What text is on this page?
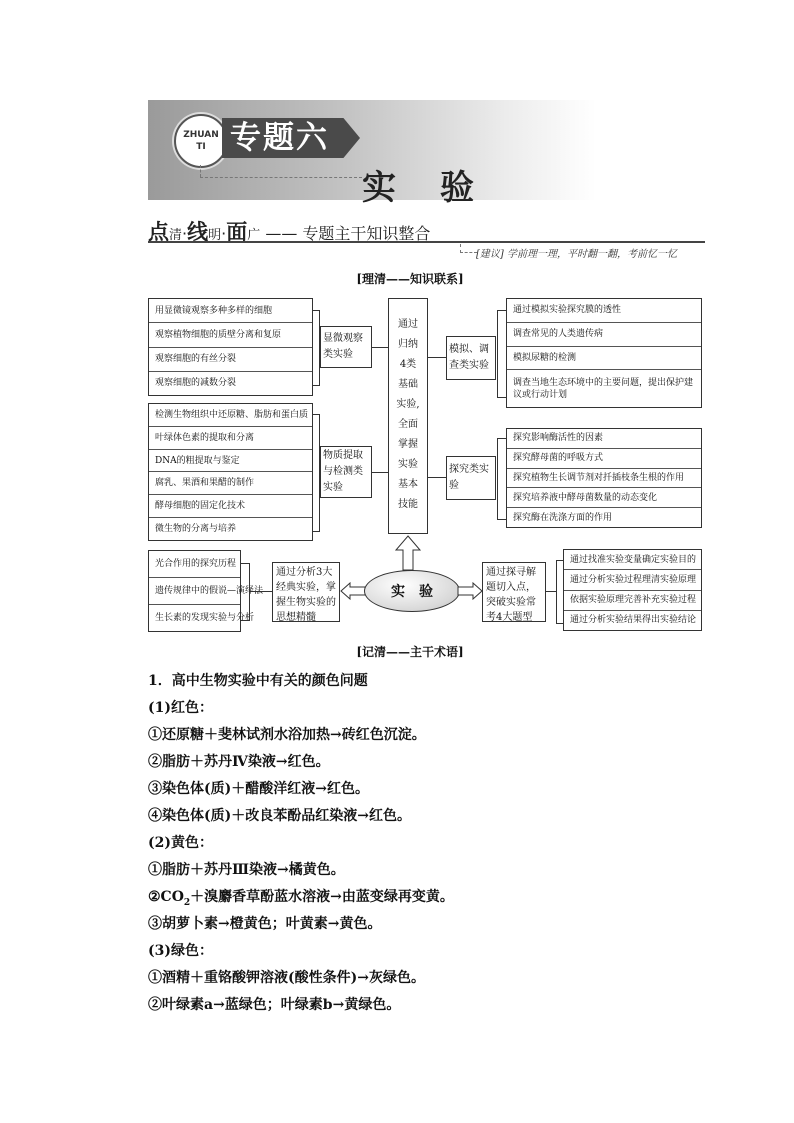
ZHUAN
TI 专题六
实验
点清·线明·面广 —— 专题主干知识整合
[建议] 学前理一理，平时翻一翻，考前忆一忆
[理清——知识联系]
用显微镜观察多种多样的细胞
观察植物细胞的质壁分离和复原
观察细胞的有丝分裂
观察细胞的减数分裂
显微观察类实验
检测生物组织中还原糖、脂肪和蛋白质
叶绿体色素的提取和分离
DNA的粗提取与鉴定
腐乳、果酒和果醋的制作
酵母细胞的固定化技术
微生物的分离与培养
物质提取与检测类实验
通过
归纳
4类
基础
实验,
全面
掌握
实验
基本
技能
模拟、调查类实验
通过模拟实验探究膜的透性
调查常见的人类遗传病
模拟尿糖的检测
调查当地生态环境中的主要问题，提出保护建议或行动计划
探究类实验
探究影响酶活性的因素
探究酵母菌的呼吸方式
探究植物生长调节剂对扦插枝条生根的作用
探究培养液中酵母菌数量的动态变化
探究酶在洗涤方面的作用
光合作用的探究历程
遗传规律中的假说—演绎法
生长素的发现实验与分析
通过分析3大经典实验，掌握生物实验的思想精髓
实　验
通过探寻解题切入点，突破实验常考4大题型
通过找准实验变量确定实验目的
通过分析实验过程理清实验原理
依据实验原理完善补充实验过程
通过分析实验结果得出实验结论
[记清——主干术语]
1．高中生物实验中有关的颜色问题
(1)红色：
①还原糖＋斐林试剂水浴加热→砖红色沉淀。
②脂肪＋苏丹Ⅳ染液→红色。
③染色体(质)＋醋酸洋红液→红色。
④染色体(质)＋改良苯酚品红染液→红色。
(2)黄色：
①脂肪＋苏丹Ⅲ染液→橘黄色。
$②CO_2+$溴麝香草酚蓝水溶液→由蓝变绿再变黄。
③胡萝卜素→橙黄色；叶黄素→黄色。
(3)绿色：
①酒精＋重铬酸钾溶液(酸性条件)→灰绿色。
②叶绿素a→蓝绿色；叶绿素b→黄绿色。
